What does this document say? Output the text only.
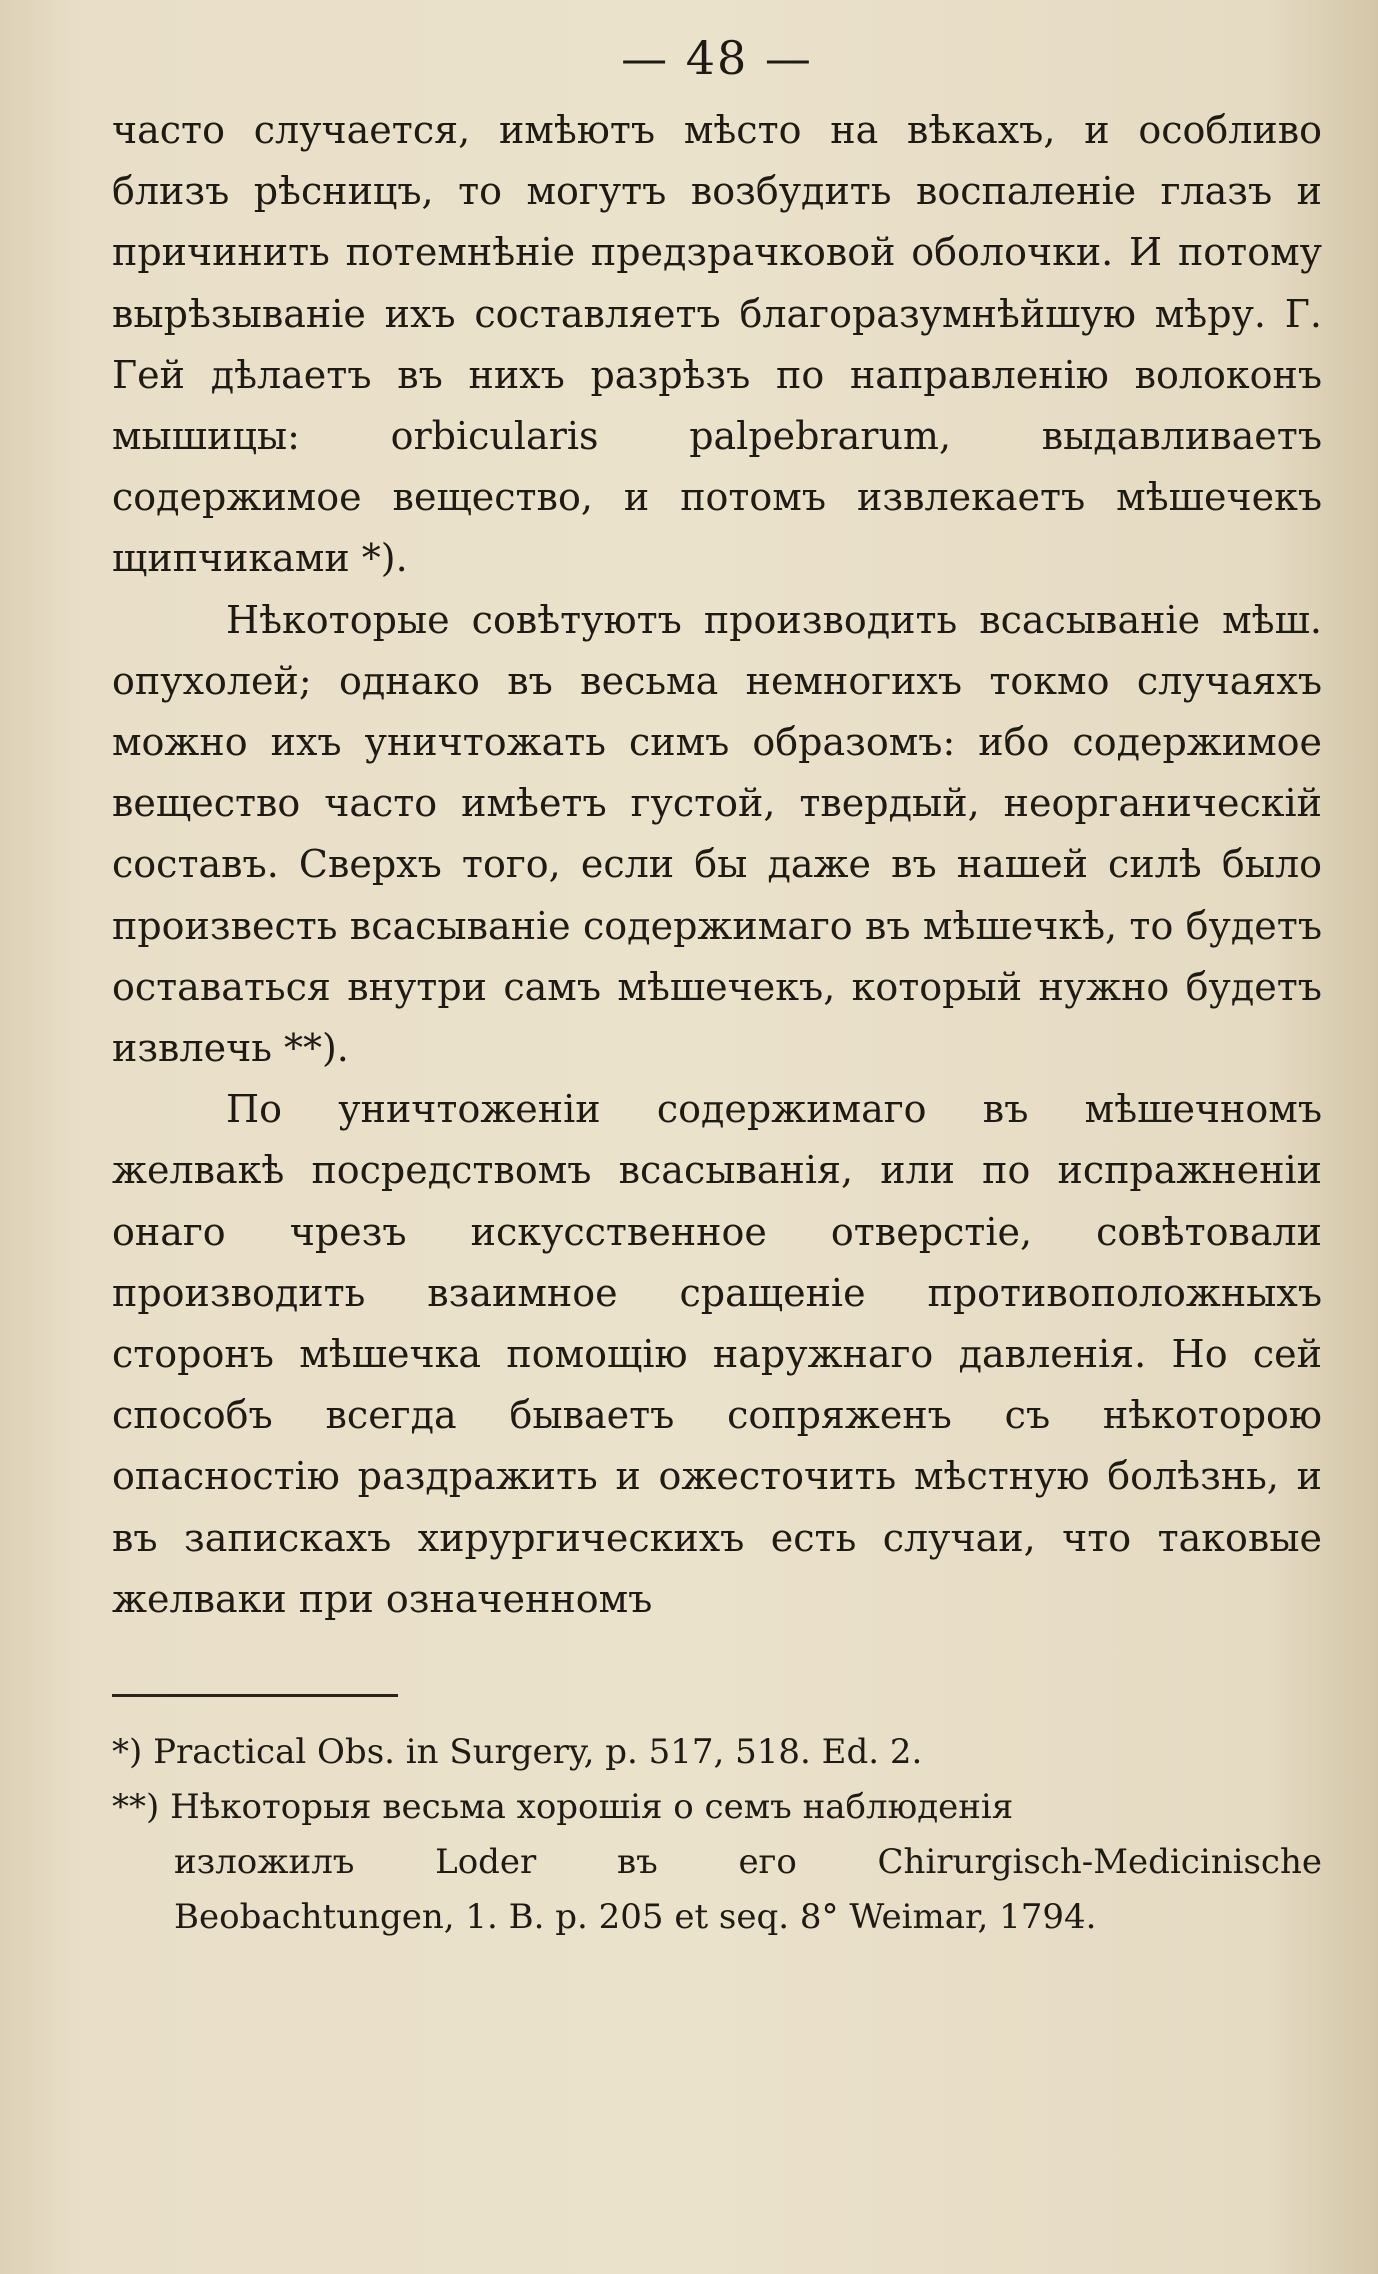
— 48 —

часто случается, имѣютъ мѣсто на вѣкахъ, и особливо близъ рѣсницъ, то могутъ возбудить воспаленіе глазъ и причинить потемнѣніе предзрачковой оболочки. И потому вырѣзываніе ихъ составляетъ благоразумнѣйшую мѣру. Г. Гей дѣлаетъ въ нихъ разрѣзъ по направленію волоконъ мышицы: orbicularis palpebrarum, выдавливаетъ содержимое вещество, и потомъ извлекаетъ мѣшечекъ щипчиками *).

Нѣкоторые совѣтуютъ производить всасываніе мѣш. опухолей; однако въ весьма немногихъ токмо случаяхъ можно ихъ уничтожать симъ образомъ: ибо содержимое вещество часто имѣетъ густой, твердый, неорганическій составъ. Сверхъ того, если бы даже въ нашей силѣ было произвесть всасываніе содержимаго въ мѣшечкѣ, то будетъ оставаться внутри самъ мѣшечекъ, который нужно будетъ извлечь **).

По уничтоженіи содержимаго въ мѣшечномъ желвакѣ посредствомъ всасыванія, или по испражненіи онаго чрезъ искусственное отверстіе, совѣтовали производить взаимное сращеніе противоположныхъ сторонъ мѣшечка помощію наружнаго давленія. Но сей способъ всегда бываетъ сопряженъ съ нѣкоторою опасностію раздражить и ожесточить мѣстную болѣзнь, и въ запискахъ хирургическихъ есть случаи, что таковые желваки при означенномъ

*) Practical Obs. in Surgery, p. 517, 518. Ed. 2.

**) Нѣкоторыя весьма хорошія о семъ наблюденія
изложилъ Loder въ его Chirurgisch-Medicinische Beobachtungen, 1. B. p. 205 et seq. 8° Weimar, 1794.
